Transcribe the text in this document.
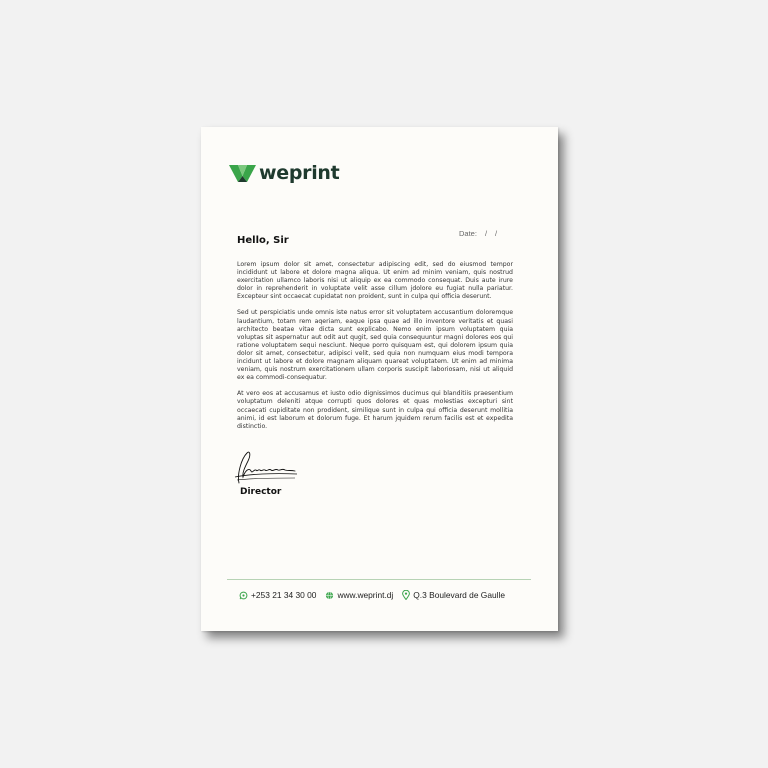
weprint
Date: / /
Hello, Sir

Lorem ipsum dolor sit amet, consectetur adipiscing edit, sed do eiusmod tempor incididunt ut labore et dolore magna aliqua. Ut enim ad minim veniam, quis nostrud exercitation ullamco laboris nisi ut aliquip ex ea commodo consequat. Duis aute irure dolor in reprehenderit in voluptate velit asse cillum jdolore eu fugiat nulla pariatur. Excepteur sint occaecat cupidatat non proident, sunt in culpa qui officia deserunt.

Sed ut perspiciatis unde omnis iste natus error sit voluptatem accusantium doloremque laudantium, totam rem aqeriam, eaque ipsa quae ad illo inventore veritatis et quasi architecto beatae vitae dicta sunt explicabo. Nemo enim ipsum voluptatem quia voluptas sit aspernatur aut odit aut qugit, sed quia consequuntur magni dolores eos qui ratione voluptatem sequi nesciunt. Neque porro quisquam est, qui dolorem ipsum quia dolor sit amet, consectetur, adipisci velit, sed quia non numquam eius modi tempora incidunt ut labore et dolore magnam aliquam quareat voluptatem. Ut enim ad minima veniam, quis nostrum exercitationem ullam corporis suscipit laboriosam, nisi ut aliquid ex ea commodi-consequatur.

At vero eos at accusamus et iusto odio dignissimos ducimus qui blanditiis praesentium voluptatum deleniti atque corrupti quos dolores et quas molestias excepturi sint occaecati cupiditate non prodident, similique sunt in culpa qui officia deserunt mollitia animi, id est laborum et dolorum fuge. Et harum jquidem rerum facilis est et expedita distinctio.

Director
+253 21 34 30 00	www.weprint.dj Q.3 Boulevard de Gaulle
